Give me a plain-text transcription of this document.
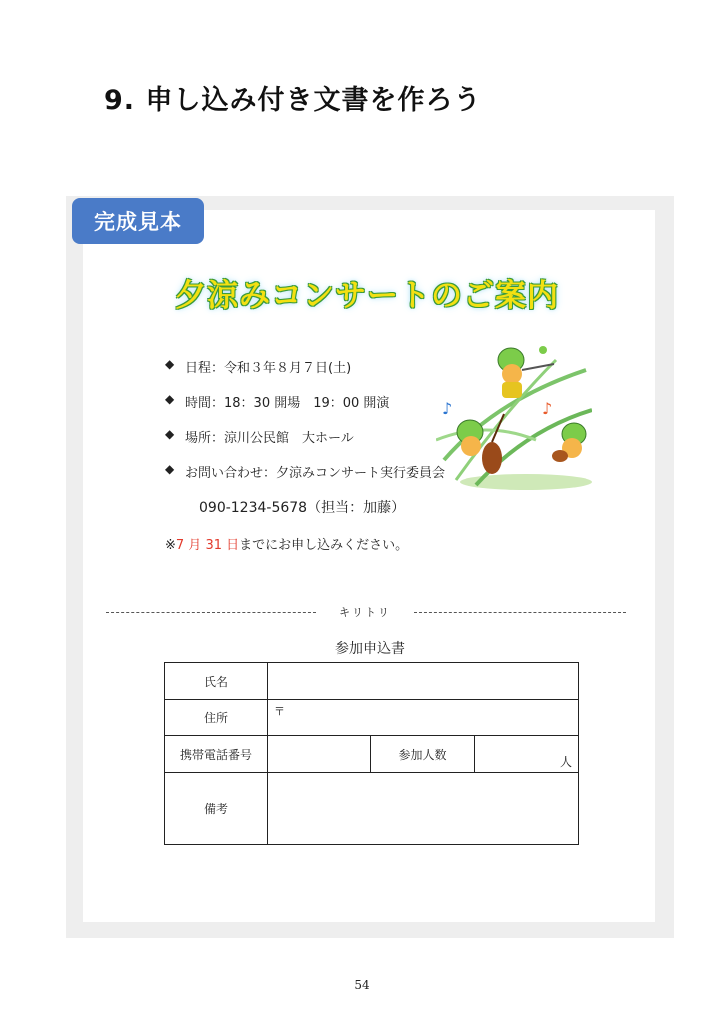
9. 申し込み付き文書を作ろう
完成見本
夕涼みコンサートのご案内
◆ 日程：令和３年８月７日(土)
◆ 時間：18：30 開場　19：00 開演
◆ 場所：涼川公民館　大ホール
◆ お問い合わせ：夕涼みコンサート実行委員会
090-1234-5678（担当：加藤）
※7 月 31 日までにお申し込みください。
♪	♪
キリトリ
参加申込書
氏名			
住所	〒		

携帯電話番号		参加人数	人

備考			
54
